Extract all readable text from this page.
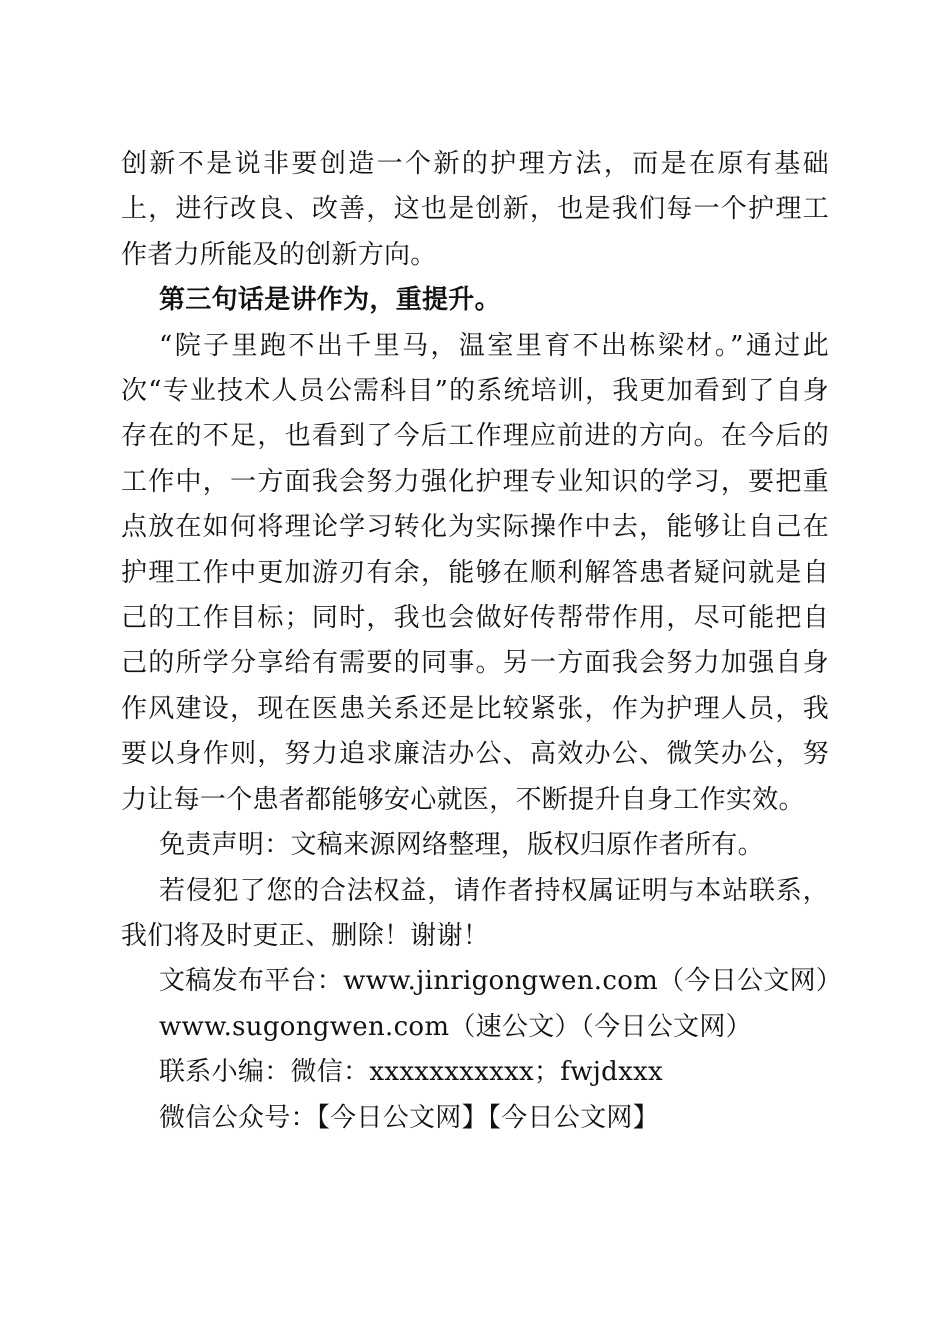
创新不是说非要创造一个新的护理方法，而是在原有基础上，进行改良、改善，这也是创新，也是我们每一个护理工作者力所能及的创新方向。

第三句话是讲作为，重提升。

“院子里跑不出千里马，温室里育不出栋梁材。”通过此次“专业技术人员公需科目”的系统培训，我更加看到了自身存在的不足，也看到了今后工作理应前进的方向。在今后的工作中，一方面我会努力强化护理专业知识的学习，要把重点放在如何将理论学习转化为实际操作中去，能够让自己在护理工作中更加游刃有余，能够在顺利解答患者疑问就是自己的工作目标；同时，我也会做好传帮带作用，尽可能把自己的所学分享给有需要的同事。另一方面我会努力加强自身作风建设，现在医患关系还是比较紧张，作为护理人员，我要以身作则，努力追求廉洁办公、高效办公、微笑办公，努力让每一个患者都能够安心就医，不断提升自身工作实效。

免责声明：文稿来源网络整理，版权归原作者所有。

若侵犯了您的合法权益，请作者持权属证明与本站联系，我们将及时更正、删除！谢谢！

文稿发布平台：www.jinrigongwen.com（今日公文网）

www.sugongwen.com（速公文）（今日公文网）

联系小编：微信：xxxxxxxxxxx；fwjdxxx

微信公众号：【今日公文网】【今日公文网】
